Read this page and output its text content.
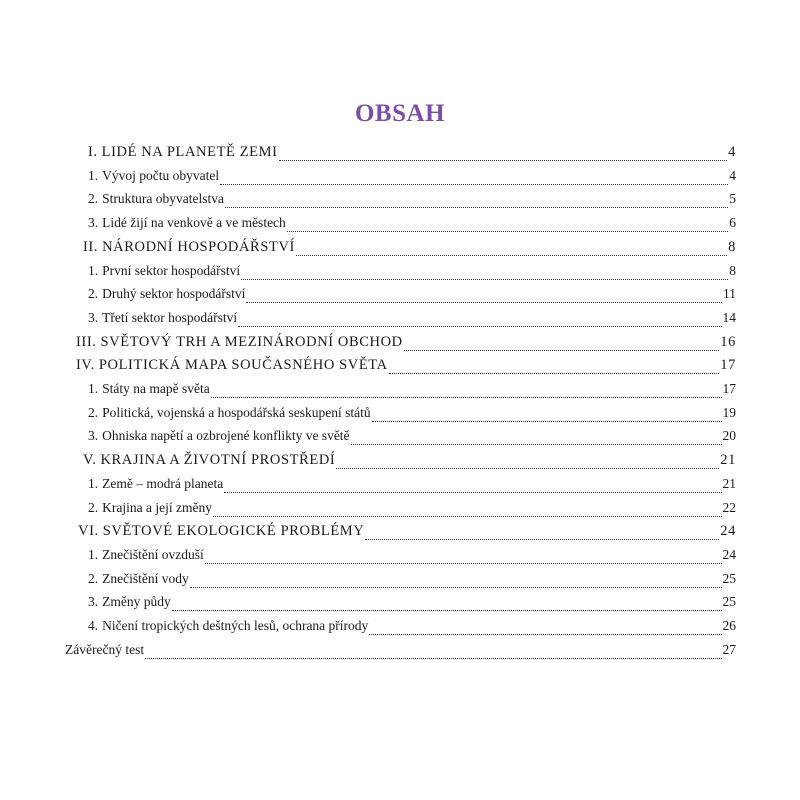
OBSAH
I. LIDÉ NA PLANETĚ ZEMI	4
1. Vývoj počtu obyvatel	4
2. Struktura obyvatelstva	5
3. Lidé žijí na venkově a ve městech	6
II. NÁRODNÍ HOSPODÁŘSTVÍ	8
1. První sektor hospodářství	8
2. Druhý sektor hospodářství	11
3. Třetí sektor hospodářství	14
III. SVĚTOVÝ TRH A MEZINÁRODNÍ OBCHOD	16
IV. POLITICKÁ MAPA SOUČASNÉHO SVĚTA	17
1. Státy na mapě světa	17
2. Politická, vojenská a hospodářská seskupení států	19
3. Ohniska napětí a ozbrojené konflikty ve světě	20
V. KRAJINA A ŽIVOTNÍ PROSTŘEDÍ	21
1. Země – modrá planeta	21
2. Krajina a její změny	22
VI. SVĚTOVÉ EKOLOGICKÉ PROBLÉMY	24
1. Znečištění ovzduší	24
2. Znečištění vody	25
3. Změny půdy	25
4. Ničení tropických deštných lesů, ochrana přírody	26
Závěrečný test	27
